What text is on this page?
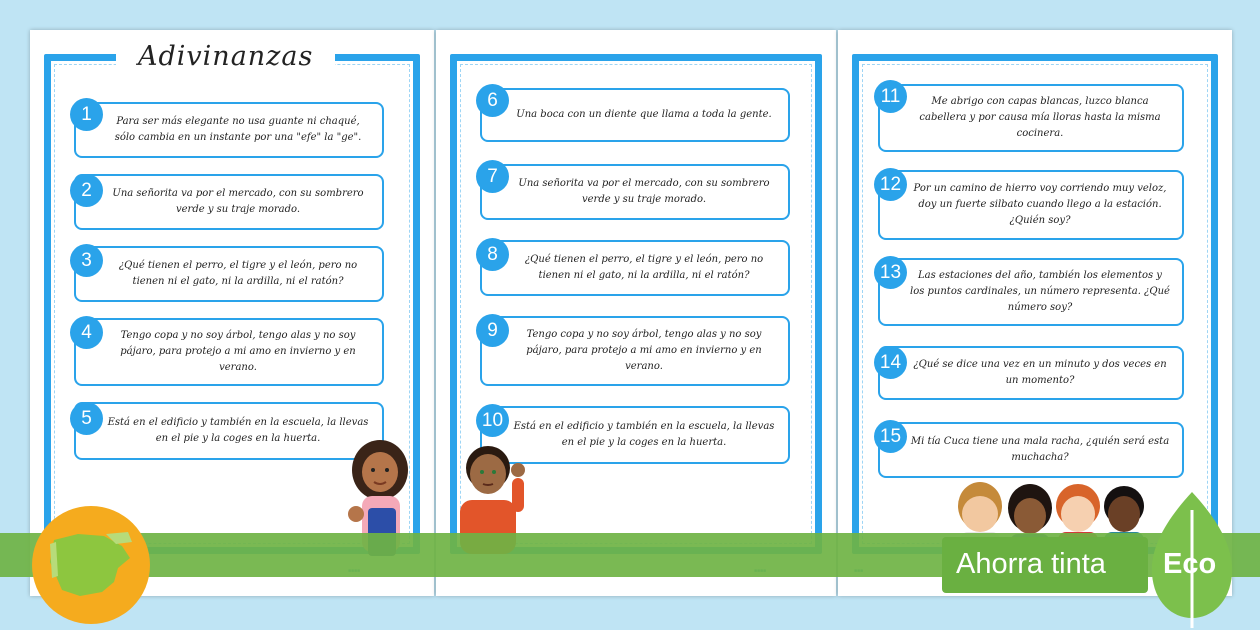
Adivinanzas
Para ser más elegante no usa guante ni chaqué, sólo cambia en un instante por una "efe" la "ge".
1
Una señorita va por el mercado, con su sombrero verde y su traje morado.
2
¿Qué tienen el perro, el tigre y el león, pero no tienen ni el gato, ni la ardilla, ni el ratón?
3
Tengo copa y no soy árbol, tengo alas y no soy pájaro, para protejo a mi amo en invierno y en verano.
4
Está en el edificio y también en la escuela, la llevas en el pie y la coges en la huerta.
5
Una boca con un diente que llama a toda la gente.
6
Una señorita va por el mercado, con su sombrero verde y su traje morado.
7
¿Qué tienen el perro, el tigre y el león, pero no tienen ni el gato, ni la ardilla, ni el ratón?
8
Tengo copa y no soy árbol, tengo alas y no soy pájaro, para protejo a mi amo en invierno y en verano.
9
Está en el edificio y también en la escuela, la llevas en el pie y la coges en la huerta.
10
Me abrigo con capas blancas, luzco blanca cabellera y por causa mía lloras hasta la misma cocinera.
11
Por un camino de hierro voy corriendo muy veloz, doy un fuerte silbato cuando llego a la estación. ¿Quién soy?
12
Las estaciones del año, también los elementos y los puntos cardinales, un número representa. ¿Qué número soy?
13
¿Qué se dice una vez en un minuto y dos veces en un momento?
14
Mi tía Cuca tiene una mala racha, ¿quién será esta muchacha?
15
Ahorra tinta Eco
